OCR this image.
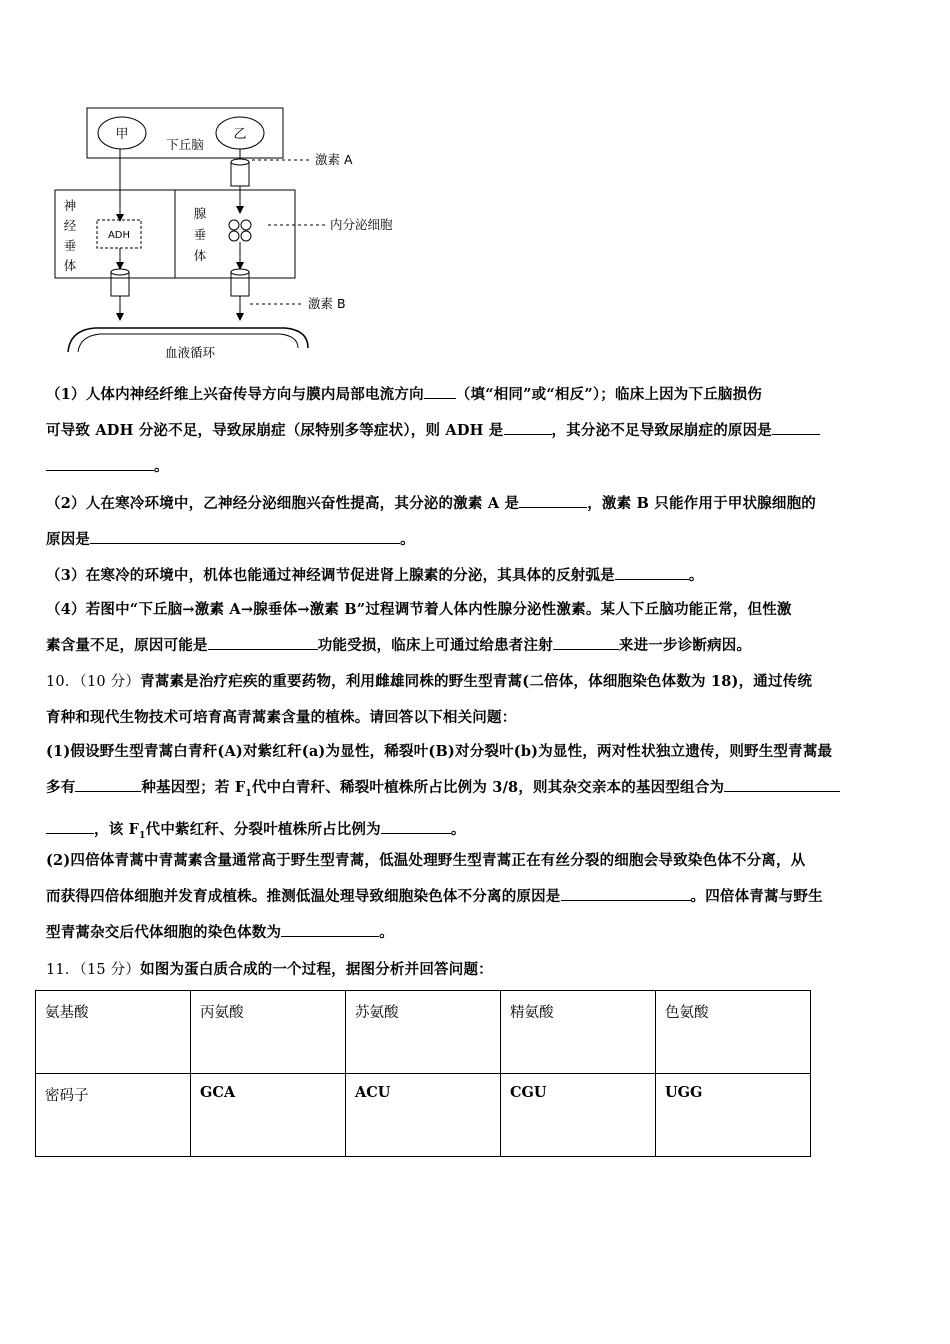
甲	乙
下丘脑
激素 A
神
经
垂
体
腺
垂
体
ADH
内分泌细胞
激素 B
血液循环
（1）人体内神经纤维上兴奋传导方向与膜内局部电流方向 （填“相同”或“相反”）；临床上因为下丘脑损伤
可导致 ADH 分泌不足，导致尿崩症（尿特别多等症状），则 ADH 是	，其分泌不足导致尿崩症的原因是
。
（2）人在寒冷环境中，乙神经分泌细胞兴奋性提高，其分泌的激素 A 是	，激素 B 只能作用于甲状腺细胞的
原因是	。
（3）在寒冷的环境中，机体也能通过神经调节促进肾上腺素的分泌，其具体的反射弧是	。
（4）若图中“下丘脑→激素 A→腺垂体→激素 B”过程调节着人体内性腺分泌性激素。某人下丘脑功能正常，但性激
素含量不足，原因可能是	功能受损，临床上可通过给患者注射	来进一步诊断病因。
10．（10 分）青蒿素是治疗疟疾的重要药物，利用雌雄同株的野生型青蒿(二倍体，体细胞染色体数为 18)，通过传统
育种和现代生物技术可培育高青蒿素含量的植株。请回答以下相关问题：
(1)假设野生型青蒿白青秆(A)对紫红秆(a)为显性，稀裂叶(B)对分裂叶(b)为显性，两对性状独立遗传，则野生型青蒿最
多有	种基因型；若 $F_1$代中白青秆、稀裂叶植株所占比例为 3/8，则其杂交亲本的基因型组合为
，该 $F_1$代中紫红秆、分裂叶植株所占比例为	。
(2)四倍体青蒿中青蒿素含量通常高于野生型青蒿，低温处理野生型青蒿正在有丝分裂的细胞会导致染色体不分离，从
而获得四倍体细胞并发育成植株。推测低温处理导致细胞染色体不分离的原因是	。四倍体青蒿与野生
型青蒿杂交后代体细胞的染色体数为	。
11．（15 分）如图为蛋白质合成的一个过程，据图分析并回答问题：
氨基酸	丙氨酸	苏氨酸	精氨酸	色氨酸
密码子	GCA	ACU	CGU	UGG
